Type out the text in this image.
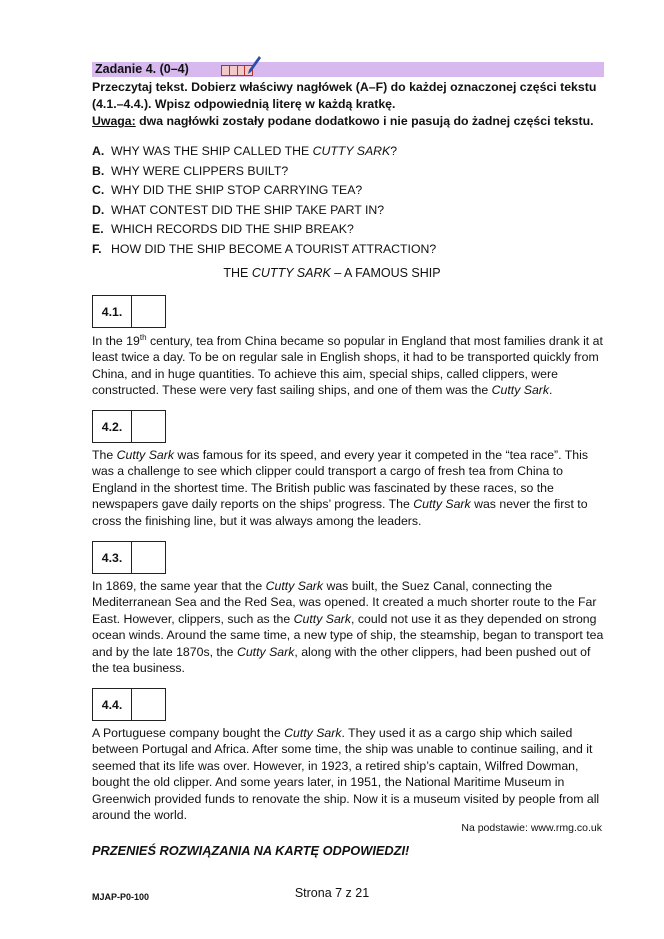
Zadanie 4. (0–4)

Przeczytaj tekst. Dobierz właściwy nagłówek (A–F) do każdej oznaczonej części tekstu

(4.1.–4.4.). Wpisz odpowiednią literę w każdą kratkę.

Uwaga: dwa nagłówki zostały podane dodatkowo i nie pasują do żadnej części tekstu.

A. WHY WAS THE SHIP CALLED THE CUTTY SARK?
B. WHY WERE CLIPPERS BUILT?
C. WHY DID THE SHIP STOP CARRYING TEA?
D. WHAT CONTEST DID THE SHIP TAKE PART IN?
E. WHICH RECORDS DID THE SHIP BREAK?
F. HOW DID THE SHIP BECOME A TOURIST ATTRACTION?
THE CUTTY SARK – A FAMOUS SHIP
4.1.

In the 19th century, tea from China became so popular in England that most families drank it at least twice a day. To be on regular sale in English shops, it had to be transported quickly from China, and in huge quantities. To achieve this aim, special ships, called clippers, were constructed. These were very fast sailing ships, and one of them was the Cutty Sark.

4.2.

The Cutty Sark was famous for its speed, and every year it competed in the “tea race”. This was a challenge to see which clipper could transport a cargo of fresh tea from China to England in the shortest time. The British public was fascinated by these races, so the newspapers gave daily reports on the ships’ progress. The Cutty Sark was never the first to cross the finishing line, but it was always among the leaders.

4.3.

In 1869, the same year that the Cutty Sark was built, the Suez Canal, connecting the Mediterranean Sea and the Red Sea, was opened. It created a much shorter route to the Far East. However, clippers, such as the Cutty Sark, could not use it as they depended on strong ocean winds. Around the same time, a new type of ship, the steamship, began to transport tea and by the late 1870s, the Cutty Sark, along with the other clippers, had been pushed out of the tea business.

4.4.

A Portuguese company bought the Cutty Sark. They used it as a cargo ship which sailed between Portugal and Africa. After some time, the ship was unable to continue sailing, and it seemed that its life was over. However, in 1923, a retired ship’s captain, Wilfred Dowman, bought the old clipper. And some years later, in 1951, the National Maritime Museum in Greenwich provided funds to renovate the ship. Now it is a museum visited by people from all around the world.

Na podstawie: www.rmg.co.uk
PRZENIEŚ ROZWIĄZANIA NA KARTĘ ODPOWIEDZI!
MJAP-P0-100	Strona 7 z 21
